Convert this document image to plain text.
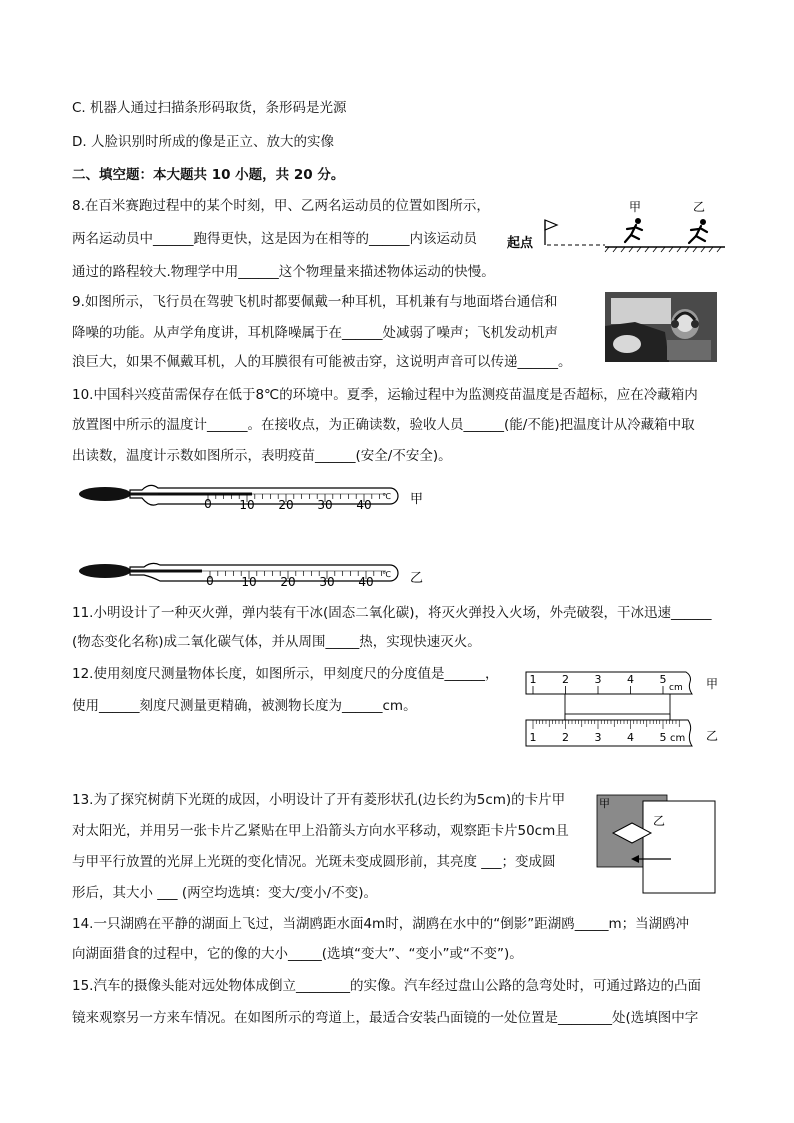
C. 机器人通过扫描条形码取货，条形码是光源
D. 人脸识别时所成的像是正立、放大的实像
二、填空题：本大题共 10 小题，共 20 分。
8.在百米赛跑过程中的某个时刻，甲、乙两名运动员的位置如图所示，
两名运动员中______跑得更快，这是因为在相等的______内该运动员
通过的路程较大.物理学中用______这个物理量来描述物体运动的快慢。
起点
甲	乙
9.如图所示，飞行员在驾驶飞机时都要佩戴一种耳机，耳机兼有与地面塔台通信和
降噪的功能。从声学角度讲，耳机降噪属于在______处减弱了噪声；飞机发动机声
浪巨大，如果不佩戴耳机，人的耳膜很有可能被击穿，这说明声音可以传递______。
10.中国科兴疫苗需保存在低于8℃的环境中。夏季，运输过程中为监测疫苗温度是否超标，应在冷藏箱内
放置图中所示的温度计______。在接收点，为正确读数，验收人员______(能/不能)把温度计从冷藏箱中取
出读数，温度计示数如图所示，表明疫苗______(安全/不安全)。
0 10 20 30 40
℃ 甲
0 10 20 30 40
℃ 乙
11.小明设计了一种灭火弹，弹内装有干冰(固态二氧化碳)，将灭火弹投入火场，外壳破裂，干冰迅速______
(物态变化名称)成二氧化碳气体，并从周围_____热，实现快速灭火。
12.使用刻度尺测量物体长度，如图所示，甲刻度尺的分度值是______，
使用______刻度尺测量更精确，被测物长度为______cm。
1 2 3 4 5
cm 甲
1 2 3 4 5 cm 乙
13.为了探究树荫下光斑的成因，小明设计了开有菱形状孔(边长约为5cm)的卡片甲
对太阳光，并用另一张卡片乙紧贴在甲上沿箭头方向水平移动，观察距卡片50cm且
与甲平行放置的光屏上光斑的变化情况。光斑未变成圆形前，其亮度 ___；变成圆
形后，其大小 ___ (两空均选填：变大/变小/不变)。
甲
乙
14.一只湖鸥在平静的湖面上飞过，当湖鸥距水面4m时，湖鸥在水中的“倒影”距湖鸥_____m；当湖鸥冲
向湖面猎食的过程中，它的像的大小_____(选填“变大”、“变小”或“不变”)。
15.汽车的摄像头能对远处物体成倒立________的实像。汽车经过盘山公路的急弯处时，可通过路边的凸面
镜来观察另一方来车情况。在如图所示的弯道上，最适合安装凸面镜的一处位置是________处(选填图中字
